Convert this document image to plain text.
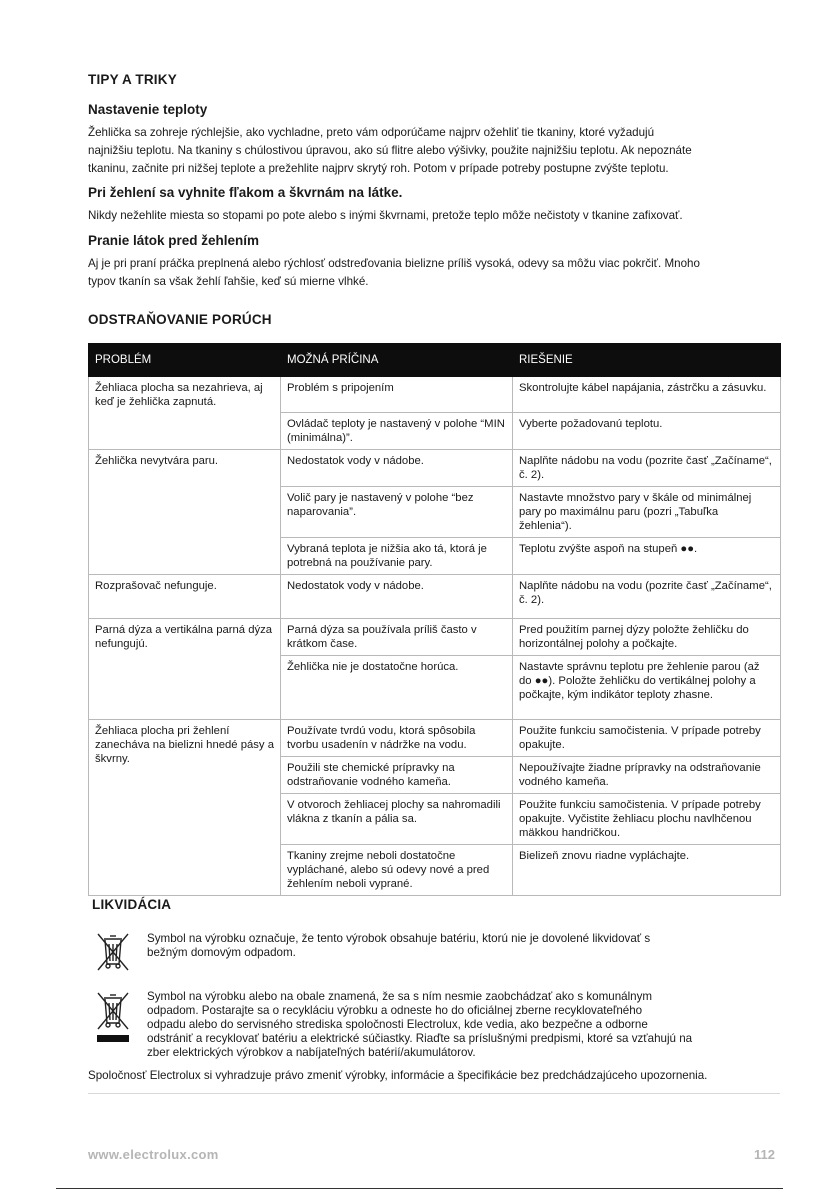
TIPY A TRIKY
Nastavenie teploty
Žehlička sa zohreje rýchlejšie, ako vychladne, preto vám odporúčame najprv ožehliť tie tkaniny, ktoré vyžadujú
najnižšiu teplotu. Na tkaniny s chúlostivou úpravou, ako sú flitre alebo výšivky, použite najnižšiu teplotu. Ak nepoznáte
tkaninu, začnite pri nižšej teplote a prežehlite najprv skrytý roh. Potom v prípade potreby postupne zvýšte teplotu.
Pri žehlení sa vyhnite fľakom a škvrnám na látke.
Nikdy nežehlite miesta so stopami po pote alebo s inými škvrnami, pretože teplo môže nečistoty v tkanine zafixovať.
Pranie látok pred žehlením
Aj je pri praní práčka preplnená alebo rýchlosť odstreďovania bielizne príliš vysoká, odevy sa môžu viac pokrčiť. Mnoho
typov tkanín sa však žehlí ľahšie, keď sú mierne vlhké.
ODSTRAŇOVANIE PORÚCH
PROBLÉM	MOŽNÁ PRÍČINA	RIEŠENIE
Žehliaca plocha sa nezahrieva, aj keď je žehlička zapnutá.	Problém s pripojením	Skontrolujte kábel napájania, zástrčku a zásuvku.
	Ovládač teploty je nastavený v polohe “MIN (minimálna)”.	Vyberte požadovanú teplotu.
Žehlička nevytvára paru.	Nedostatok vody v nádobe.	Naplňte nádobu na vodu (pozrite časť „Začíname“, č. 2).
	Volič pary je nastavený v polohe “bez naparovania”.	Nastavte množstvo pary v škále od minimálnej pary po maximálnu paru (pozri „Tabuľka žehlenia“).
	Vybraná teplota je nižšia ako tá, ktorá je potrebná na používanie pary.	Teplotu zvýšte aspoň na stupeň ●●.
Rozprašovač nefunguje.	Nedostatok vody v nádobe.	Naplňte nádobu na vodu (pozrite časť „Začíname“, č. 2).
Parná dýza a vertikálna parná dýza nefungujú.	Parná dýza sa používala príliš často v krátkom čase.	Pred použitím parnej dýzy položte žehličku do horizontálnej polohy a počkajte.
	Žehlička nie je dostatočne horúca.	Nastavte správnu teplotu pre žehlenie parou (až do ●●). Položte žehličku do vertikálnej polohy a počkajte, kým indikátor teploty zhasne.
Žehliaca plocha pri žehlení zanecháva na bielizni hnedé pásy a škvrny.	Používate tvrdú vodu, ktorá spôsobila tvorbu usadenín v nádržke na vodu.	Použite funkciu samočistenia. V prípade potreby opakujte.
	Použili ste chemické prípravky na odstraňovanie vodného kameňa.	Nepoužívajte žiadne prípravky na odstraňovanie vodného kameňa.
	V otvoroch žehliacej plochy sa nahromadili vlákna z tkanín a pália sa.	Použite funkciu samočistenia. V prípade potreby opakujte. Vyčistite žehliacu plochu navlhčenou mäkkou handričkou.
	Tkaniny zrejme neboli dostatočne vypláchané, alebo sú odevy nové a pred žehlením neboli vyprané.	Bielizeň znovu riadne vypláchajte.
LIKVIDÁCIA
Symbol na výrobku označuje, že tento výrobok obsahuje batériu, ktorú nie je dovolené likvidovať s
bežným domovým odpadom.
Symbol na výrobku alebo na obale znamená, že sa s ním nesmie zaobchádzať ako s komunálnym
odpadom. Postarajte sa o recykláciu výrobku a odneste ho do oficiálnej zberne recyklovateľného
odpadu alebo do servisného strediska spoločnosti Electrolux, kde vedia, ako bezpečne a odborne
odstrániť a recyklovať batériu a elektrické súčiastky. Riaďte sa príslušnými predpismi, ktoré sa vzťahujú na
zber elektrických výrobkov a nabíjateľných batérií/akumulátorov.
Spoločnosť Electrolux si vyhradzuje právo zmeniť výrobky, informácie a špecifikácie bez predchádzajúceho upozornenia.
www.electrolux.com	112
